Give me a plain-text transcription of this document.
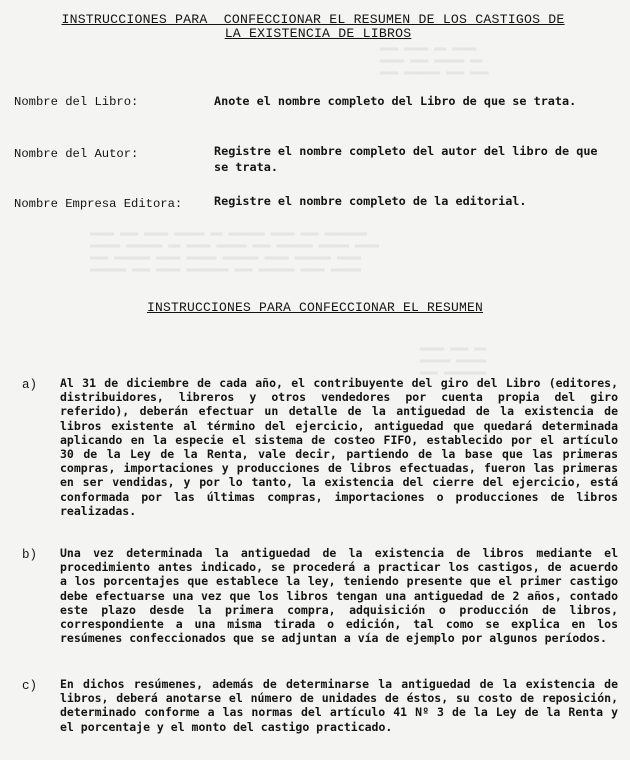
▂▂▂ ▂▂▂▂ ▂▂ ▂▂▂▂
▂▂▂▂ ▂▂▂ ▂▂▂▂▂ ▂▂
▂▂▂ ▂▂▂▂▂▂ ▂▂▂ ▂▂▂
▂▂▂▂ ▂▂▂ ▂▂▂▂ ▂▂▂▂▂ ▂▂ ▂▂▂▂▂▂ ▂▂▂▂ ▂▂▂ ▂▂▂▂▂▂▂
▂▂▂▂▂ ▂▂▂▂▂▂ ▂▂ ▂▂▂▂ ▂▂▂▂▂ ▂▂▂ ▂▂▂▂▂▂ ▂▂▂▂▂ ▂▂▂▂
▂▂▂ ▂▂▂▂▂▂ ▂▂▂▂ ▂▂▂▂▂ ▂▂▂▂▂▂ ▂▂▂▂ ▂▂▂▂▂▂ ▂▂▂▂
▂▂▂▂▂▂ ▂▂▂ ▂▂▂▂ ▂▂▂▂▂▂▂ ▂▂▂ ▂▂▂▂▂▂ ▂▂▂▂ ▂▂▂▂▂
▂▂▂▂ ▂▂▂ ▂▂
▂▂▂▂▂ ▂▂▂▂▂
▂▂▂ ▂▂▂▂▂▂▂
INSTRUCCIONES PARA  CONFECCIONAR EL RESUMEN DE LOS CASTIGOS DE
LA EXISTENCIA DE LIBROS
Nombre del Libro:	Anote el nombre completo del Libro de que se trata.
Nombre del Autor:	Registre el nombre completo del autor del libro de que se trata.
Nombre Empresa Editora:	Registre el nombre completo de la editorial.
INSTRUCCIONES PARA CONFECCIONAR EL RESUMEN
a) Al 31 de diciembre de cada año, el contribuyente del giro del Libro (editores, distribuidores, libreros y otros vendedores por cuenta propia del giro referido), deberán efectuar un detalle de la antiguedad de la existencia de libros existente al término del ejercicio, antiguedad que quedará determinada aplicando en la especie el sistema de costeo FIFO, establecido por el artículo 30 de la Ley de la Renta, vale decir, partiendo de la base que las primeras compras, importaciones y producciones de libros efectuadas, fueron las primeras en ser vendidas, y por lo tanto, la existencia del cierre del ejercicio, está conformada por las últimas compras, importaciones o producciones de libros realizadas.
b) Una vez determinada la antiguedad de la existencia de libros mediante el procedimiento antes indicado, se procederá a practicar los castigos, de acuerdo a los porcentajes que establece la ley, teniendo presente que el primer castigo debe efectuarse una vez que los libros tengan una antiguedad de 2 años, contado este plazo desde la primera compra, adquisición o producción de libros, correspondiente a una misma tirada o edición, tal como se explica en los resúmenes confeccionados que se adjuntan a vía de ejemplo por algunos períodos.
c) En dichos resúmenes, además de determinarse la antiguedad de la existencia de libros, deberá anotarse el número de unidades de éstos, su costo de reposición, determinado conforme a las normas del artículo 41 Nº 3 de la Ley de la Renta y el porcentaje y el monto del castigo practicado.
